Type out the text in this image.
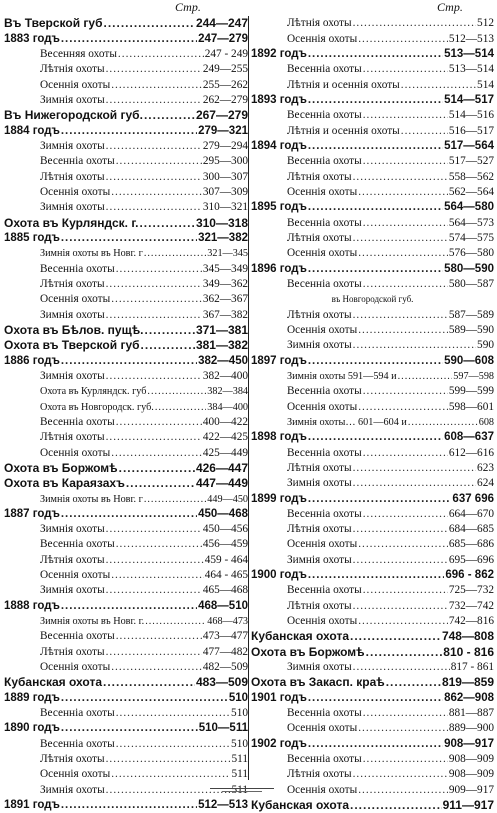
Стр.	Стр.
Въ Тверской губ .....	244—247
1883 годъ .....	247—279
Весенняя охоты .....	247 - 249
Лѣтнія охоты .....	249—255
Осеннія охоты .....	255—262
Зимнія охоты .....	262—279
Въ Нижегородской губ. .....	267—279
1884 годъ .....	279—321
Зимнія охоты .....	279—294
Весенніа охоты .....	295—300
Лѣтнія охоты .....	300—307
Осеннія охоты .....	307—309
Зимнія охоты .....	310—321
Охота въ Курляндск. г. .....	310—318
1885 годъ .....	321—382
Зимнія охоты въ Новг. г .....	321—345
Весенніа охоты .....	345—349
Лѣтнія охоты .....	349—362
Осеннія охоты .....	362—367
Зимнія охоты .....	367—382
Охота въ Бѣлов. пущѣ. .....	371—381
Охота въ Тверской губ .....	381—382
1886 годъ .....	382—450
Зимнія охоты .....	382—400
Охота въ Курляндск. губ .....	382—384
Охота въ Новгородск. губ. .....	384—400
Весенніа охоты .....	400—422
Лѣтнія охоты .....	422—425
Осеннія охоты .....	425—449
Охота въ Боржомѣ .....	426—447
Охота въ Караязахъ .....	447—449
Зимнія охоты въ Новг. г .....	449—450
1887 годъ .....	450—468
Зимнія охоты .....	450—456
Весенніа охоты .....	456—459
Лѣтнія охоты .....	459 - 464
Осеннія охоты .....	464 - 465
Зимнія охоты .....	465—468
1888 годъ .....	468—510
Зимнія охоты въ Новг. г. .....	468—473
Весенніа охоты .....	473—477
Лѣтнія охоты .....	477—482
Осеннія охоты .....	482—509
Кубанская охота .....	483—509
1889 годъ .....	510
Весенніа охоты .....	510
1890 годъ .....	510—511
Весенніа охоты .....	510
Лѣтнія охоты .....	511
Осеннія охоты .....	511
Зимнія охоты .....	511
1891 годъ .....	512—513
Лѣтнія охоты .....	512
Осеннія охоты .....	512—513
1892 годъ .....	513—514
Весенніа охоты .....	513—514
Лѣтнія и осеннія охоты .....	514
1893 годъ .....	514—517
Весенніа охоты .....	514—516
Лѣтнія и осеннія охоты .....	516—517
1894 годъ .....	517—564
Весенніа охоты .....	517—527
Лѣтнія охоты .....	558—562
Осеннія охоты .....	562—564
1895 годъ .....	564—580
Весенніа охоты .....	564—573
Лѣтнія охоты .....	574—575
Осеннія охоты .....	576—580
1896 годъ .....	580—590
Весенніа охоты .....	580—587
въ Новгородской губ.
Лѣтнія охоты .....	587—589
Осеннія охоты .....	589—590
Зимнія охоты .....	590
1897 годъ .....	590—608
Зимнія охоты 591—594 и .....	597—598
Весенніа охоты .....	599—599
Осеннія охоты .....	598—601
Зимнія охоты… 601—604 и .....	608
1898 годъ .....	608—637
Весенніа охоты .....	612—616
Лѣтнія охоты .....	623
Зимнія охоты .....	624
1899 годъ .....	637 696
Весенніа охоты .....	664—670
Лѣтнія охоты .....	684—685
Осеннія охоты .....	685—686
Зимнія охоты .....	695—696
1900 годъ .....	696 - 862
Весенніа охоты .....	725—732
Лѣтнія охоты .....	732—742
Осеннія охоты .....	742—816
Кубанская охота .....	748—808
Охота въ Боржомѣ .....	810 - 816
Зимнія охоты .....	817 - 861
Охота въ Закасп. краѣ .....	819—859
1901 годъ .....	862—908
Весенніа охоты .....	881—887
Осеннія охоты .....	889—900
1902 годъ .....	908—917
Весенніа охоты .....	908—909
Лѣтнія охоты .....	908—909
Осеннія охоты .....	909—917
Кубанская охота .....	911—917
